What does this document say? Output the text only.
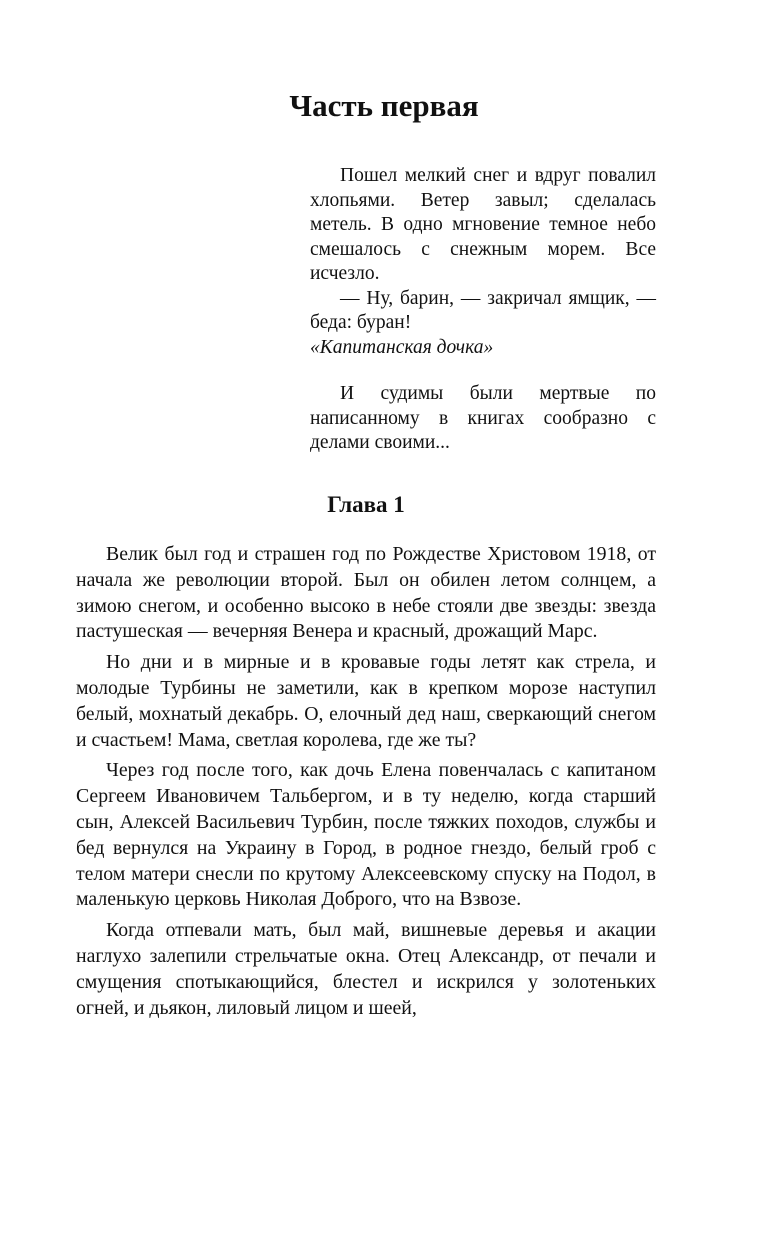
Часть первая

Пошел мелкий снег и вдруг повалил хлопьями. Ветер завыл; сделалась метель. В одно мгновение темное небо смешалось с снежным морем. Все исчезло.

— Ну, барин, — закричал ямщик, — беда: буран!

«Капитанская дочка»

И судимы были мертвые по написанному в книгах сообразно с делами своими...

Глава 1

Велик был год и страшен год по Рождестве Христовом 1918, от начала же революции второй. Был он обилен летом солнцем, а зимою снегом, и особенно высоко в небе стояли две звезды: звезда пастушеская — вечерняя Венера и красный, дрожащий Марс.

Но дни и в мирные и в кровавые годы летят как стрела, и молодые Турбины не заметили, как в крепком морозе наступил белый, мохнатый декабрь. О, елочный дед наш, сверкающий снегом и счастьем! Мама, светлая королева, где же ты?

Через год после того, как дочь Елена повенчалась с капитаном Сергеем Ивановичем Тальбергом, и в ту неделю, когда старший сын, Алексей Васильевич Турбин, после тяжких походов, службы и бед вернулся на Украину в Город, в родное гнездо, белый гроб с телом матери снесли по крутому Алексеевскому спуску на Подол, в маленькую церковь Николая Доброго, что на Взвозе.

Когда отпевали мать, был май, вишневые деревья и акации наглухо залепили стрельчатые окна. Отец Александр, от печали и смущения спотыкающийся, блестел и искрился у золотеньких огней, и дьякон, лиловый лицом и шеей,
